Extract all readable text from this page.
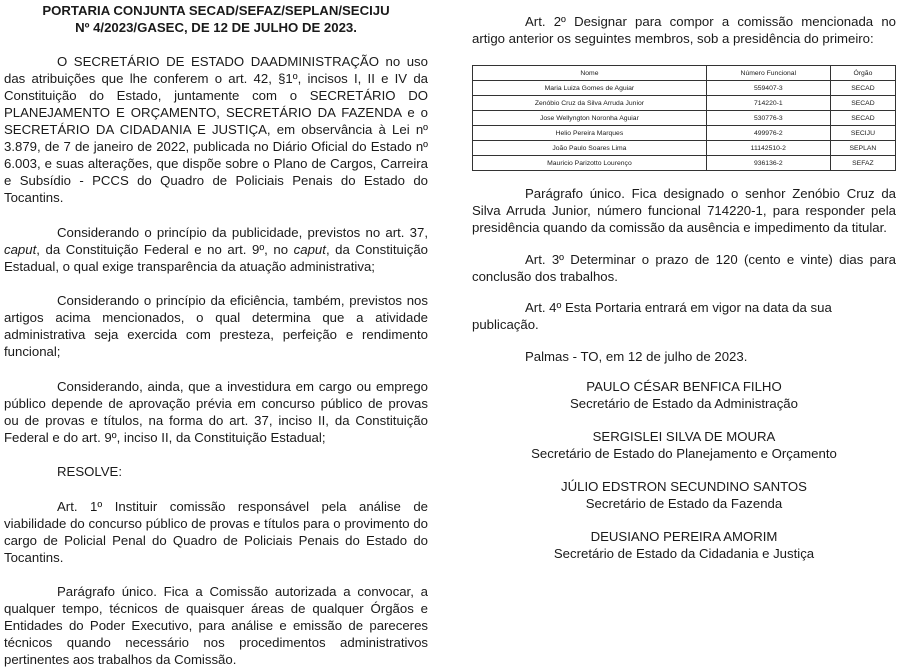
PORTARIA CONJUNTA SECAD/SEFAZ/SEPLAN/SECIJU

Nº 4/2023/GASEC, DE 12 DE JULHO DE 2023.

O SECRETÁRIO DE ESTADO DAADMINISTRAÇÃO no uso das atribuições que lhe conferem o art. 42, §1º, incisos I, II e IV da Constituição do Estado, juntamente com o SECRETÁRIO DO PLANEJAMENTO E ORÇAMENTO, SECRETÁRIO DA FAZENDA e o SECRETÁRIO DA CIDADANIA E JUSTIÇA, em observância à Lei nº 3.879, de 7 de janeiro de 2022, publicada no Diário Oficial do Estado nº 6.003, e suas alterações, que dispõe sobre o Plano de Cargos, Carreira e Subsídio - PCCS do Quadro de Policiais Penais do Estado do Tocantins.

Considerando o princípio da publicidade, previstos no art. 37, caput, da Constituição Federal e no art. 9º, no caput, da Constituição Estadual, o qual exige transparência da atuação administrativa;

Considerando o princípio da eficiência, também, previstos nos artigos acima mencionados, o qual determina que a atividade administrativa seja exercida com presteza, perfeição e rendimento funcional;

Considerando, ainda, que a investidura em cargo ou emprego público depende de aprovação prévia em concurso público de provas ou de provas e títulos, na forma do art. 37, inciso II, da Constituição Federal e do art. 9º, inciso II, da Constituição Estadual;

RESOLVE:

Art. 1º Instituir comissão responsável pela análise de viabilidade do concurso público de provas e títulos para o provimento do cargo de Policial Penal do Quadro de Policiais Penais do Estado do Tocantins.

Parágrafo único. Fica a Comissão autorizada a convocar, a qualquer tempo, técnicos de quaisquer áreas de qualquer Órgãos e Entidades do Poder Executivo, para análise e emissão de pareceres técnicos quando necessário nos procedimentos administrativos pertinentes aos trabalhos da Comissão.

Art. 2º Designar para compor a comissão mencionada no artigo anterior os seguintes membros, sob a presidência do primeiro:

Nome	Número Funcional	Órgão
Maria Luiza Gomes de Aguiar	559407-3	SECAD
Zenóbio Cruz da Silva Arruda Junior	714220-1	SECAD
Jose Wellyngton Noronha Aguiar	530776-3	SECAD
Helio Pereira Marques	499976-2	SECIJU
João Paulo Soares Lima	11142510-2	SEPLAN
Mauricio Parizotto Lourenço	936136-2	SEFAZ

Parágrafo único. Fica designado o senhor Zenóbio Cruz da Silva Arruda Junior, número funcional 714220-1, para responder pela presidência quando da comissão da ausência e impedimento da titular.

Art. 3º Determinar o prazo de 120 (cento e vinte) dias para conclusão dos trabalhos.

Art. 4º Esta Portaria entrará em vigor na data da sua publicação.

Palmas - TO, em 12 de julho de 2023.

PAULO CÉSAR BENFICA FILHO
Secretário de Estado da Administração
SERGISLEI SILVA DE MOURA
Secretário de Estado do Planejamento e Orçamento
JÚLIO EDSTRON SECUNDINO SANTOS
Secretário de Estado da Fazenda
DEUSIANO PEREIRA AMORIM
Secretário de Estado da Cidadania e Justiça
